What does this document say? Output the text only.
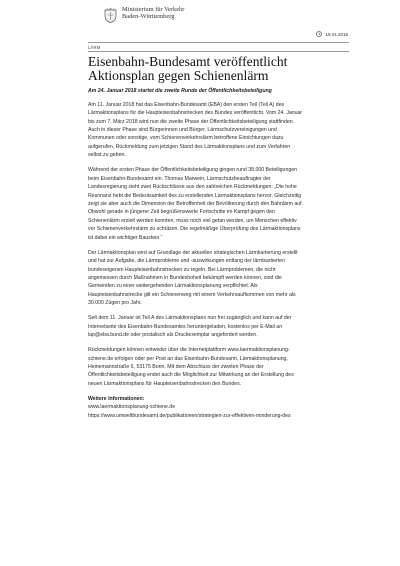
Ministerium für Verkehr
Baden-Württemberg
18.01.2018
LÄRM
Eisenbahn-Bundesamt veröffentlicht Aktionsplan gegen Schienenlärm
Am 24. Januar 2018 startet die zweite Runde der Öffentlichkeitsbeteiligung

Am 11. Januar 2018 hat das Eisenbahn-Bundesamt (EBA) den ersten Teil (Teil A) des
Lärmaktionsplans für die Haupteisenbahnstrecken des Bundes veröffentlicht. Vom 24. Januar
bis zum 7. März 2018 wird nun die zweite Phase der Öffentlichkeitsbeteiligung stattfinden.
Auch in dieser Phase sind Bürgerinnen und Bürger, Lärmschutzvereinigungen und
Kommunen oder sonstige, vom Schienenverkehrslärm betroffene Einrichtungen dazu
aufgerufen, Rückmeldung zum jetzigen Stand des Lärmaktionsplans und zum Verfahren
selbst zu geben.

Während der ersten Phase der Öffentlichkeitsbeteiligung gingen rund 38.000 Beteiligungen
beim Eisenbahn-Bundesamt ein. Thomas Marwein, Lärmschutzbeauftragter der
Landesregierung zieht zwei Rückschlüsse aus den zahlreichen Rückmeldungen: „Die hohe
Resonanz hebt die Bedeutsamkeit des zu erstellenden Lärmaktionsplans hervor. Gleichzeitig
zeigt sie aber auch die Dimension der Betroffenheit der Bevölkerung durch den Bahnlärm auf.
Obwohl gerade in jüngerer Zeit begrüßenswerte Fortschritte im Kampf gegen den
Schienenlärm erzielt werden konnten, muss noch viel getan werden, um Menschen effektiv
vor Schienenverkehrslärm zu schützen. Die regelmäßige Überprüfung des Lärmaktionsplans
ist dabei ein wichtiger Baustein.“

Der Lärmaktionsplan wird auf Grundlage der aktuellen strategischen Lärmkartierung erstellt
und hat zur Aufgabe, die Lärmprobleme und -auswirkungen entlang der lärmkartierten
bundeseigenen Haupteisenbahnstrecken zu regeln. Bei Lärmproblemen, die nicht
angemessen durch Maßnahmen in Bundeshoheit bekämpft werden können, sind die
Gemeinden zu einer weitergehenden Lärmaktionsplanung verpflichtet. Als
Haupteisenbahnstrecke gilt ein Schienenweg mit einem Verkehrsaufkommen von mehr als
30.000 Zügen pro Jahr.

Seit dem 11. Januar ist Teil A des Lärmaktionsplans nun frei zugänglich und kann auf der
Internetseite des Eisenbahn-Bundesamtes heruntergeladen, kostenlos per E-Mail an
lap@eba.bund.de oder postalisch als Druckexemplar angefordert werden.

Rückmeldungen können entweder über die Internetplattform www.laermaktionsplanung-
schiene.de erfolgen oder per Post an das Eisenbahn-Bundesamt, Lärmaktionsplanung,
Heinemannstraße 6, 53175 Bonn. Mit dem Abschluss der zweiten Phase der
Öffentlichkeitsbeteiligung endet auch die Möglichkeit zur Mitwirkung an der Erstellung des
neuen Lärmaktionsplans für Haupteisenbahnstrecken des Bundes.

Weitere Informationen:
www.laermaktionsplanung-schiene.de
https://www.umweltbundesamt.de/publikationen/strategien-zur-effektiven-minderung-des
